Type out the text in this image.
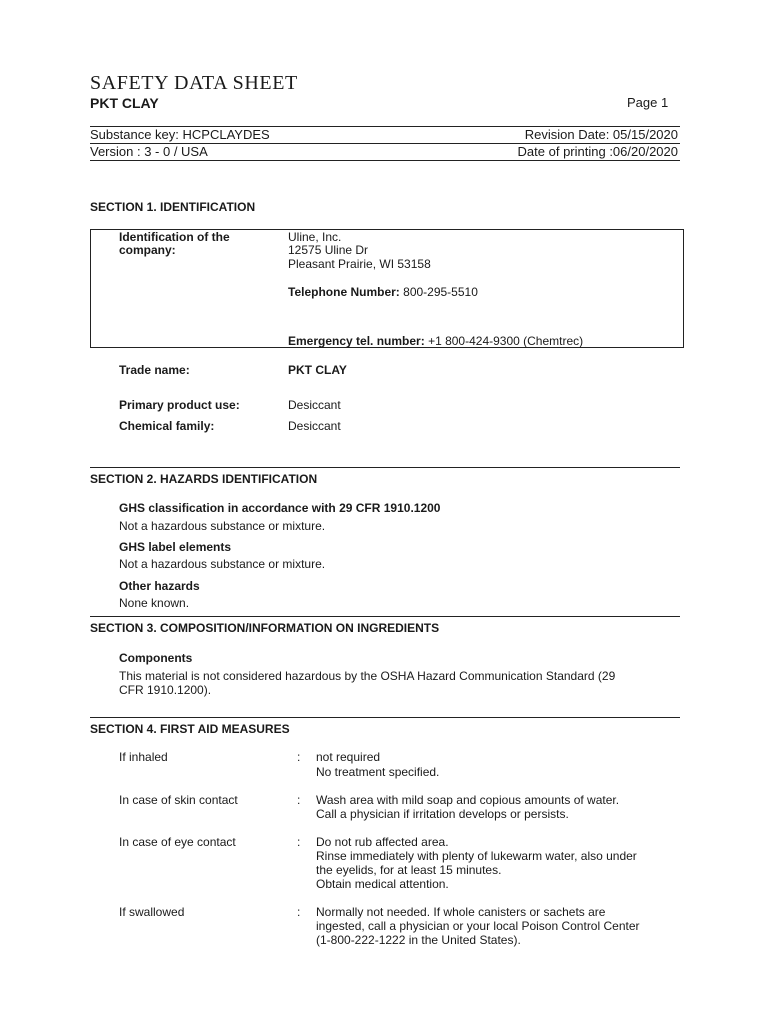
SAFETY DATA SHEET
PKT CLAY	Page 1
Substance key: HCPCLAYDES	Revision Date: 05/15/2020
Version : 3 - 0 / USA	Date of printing :06/20/2020
SECTION 1. IDENTIFICATION
Identification of the
company:
Uline, Inc.
12575 Uline Dr
Pleasant Prairie, WI 53158
Telephone Number: 800-295-5510
Emergency tel. number: +1 800-424-9300 (Chemtrec)
Trade name:	PKT CLAY
Primary product use:	Desiccant
Chemical family:	Desiccant
SECTION 2. HAZARDS IDENTIFICATION
GHS classification in accordance with 29 CFR 1910.1200
Not a hazardous substance or mixture.
GHS label elements
Not a hazardous substance or mixture.
Other hazards
None known.
SECTION 3. COMPOSITION/INFORMATION ON INGREDIENTS
Components
This material is not considered hazardous by the OSHA Hazard Communication Standard (29
CFR 1910.1200).
SECTION 4. FIRST AID MEASURES
If inhaled	: not required
No treatment specified.
In case of skin contact	: Wash area with mild soap and copious amounts of water.
Call a physician if irritation develops or persists.
In case of eye contact	: Do not rub affected area.
Rinse immediately with plenty of lukewarm water, also under
the eyelids, for at least 15 minutes.
Obtain medical attention.
If swallowed	: Normally not needed. If whole canisters or sachets are
ingested, call a physician or your local Poison Control Center
(1-800-222-1222 in the United States).
